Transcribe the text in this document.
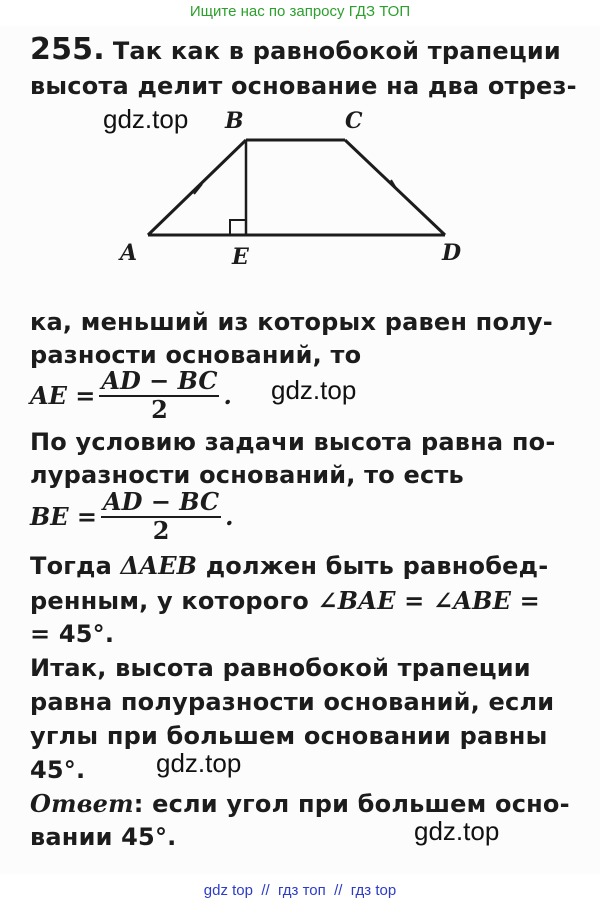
Ищите нас по запросу ГДЗ ТОП
255. Так как в равнобокой трапеции
высота делит основание на два отрез-
B	C
A	E	D
ка, меньший из которых равен полу-
разности оснований, то
AE = $\frac{AD - BC}{2}$ .
По условию задачи высота равна по-
луразности оснований, то есть
BE = $\frac{AD - BC}{2}$ .
Тогда ΔAEB должен быть равнобед-
ренным, у которого ∠BAE = ∠ABE =
= 45°.
Итак, высота равнобокой трапеции
равна полуразности оснований, если
углы при большем основании равны
45°.
Ответ: если угол при большем осно-
вании 45°.
gdz.top
gdz.top
gdz.top
gdz.top
gdz top  //  гдз топ  //  гдз top
